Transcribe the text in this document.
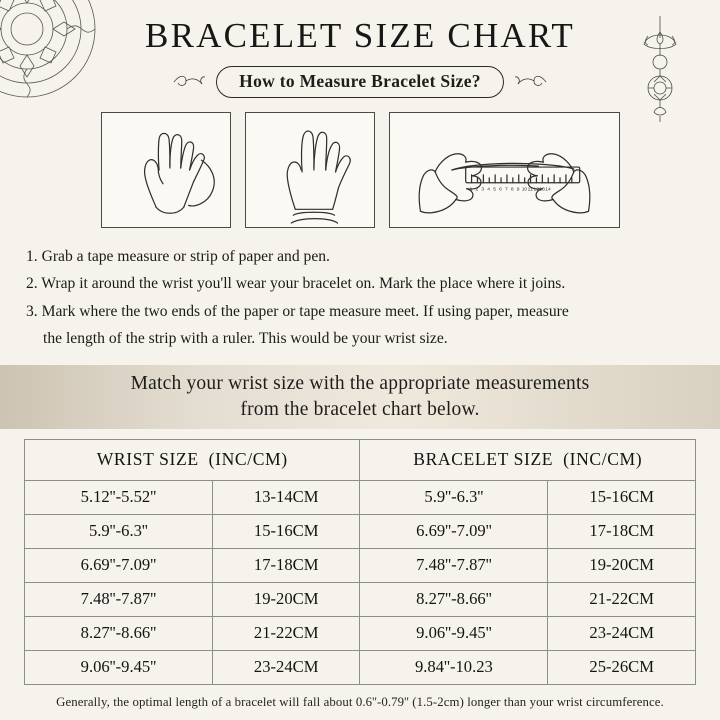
BRACELET SIZE CHART
How to Measure Bracelet Size?
1 2 3 4 5 6 7 8 9 10 11 12 13 14
1. Grab a tape measure or strip of paper and pen.
2. Wrap it around the wrist you'll wear your bracelet on. Mark the place where it joins.
3. Mark where the two ends of the paper or tape measure meet. If using paper, measure
the length of the strip with a ruler. This would be your wrist size.
Match your wrist size with the appropriate measurements
from the bracelet chart below.
WRIST SIZE (INC/CM)		BRACELET SIZE (INC/CM)	
5.12''-5.52''	13-14CM	5.9''-6.3''	15-16CM
5.9''-6.3''	15-16CM	6.69''-7.09''	17-18CM
6.69''-7.09''	17-18CM	7.48''-7.87''	19-20CM
7.48''-7.87''	19-20CM	8.27''-8.66''	21-22CM
8.27''-8.66''	21-22CM	9.06''-9.45''	23-24CM
9.06''-9.45''	23-24CM	9.84''-10.23	25-26CM
Generally, the optimal length of a bracelet will fall about 0.6''-0.79'' (1.5-2cm) longer than your wrist circumference.
